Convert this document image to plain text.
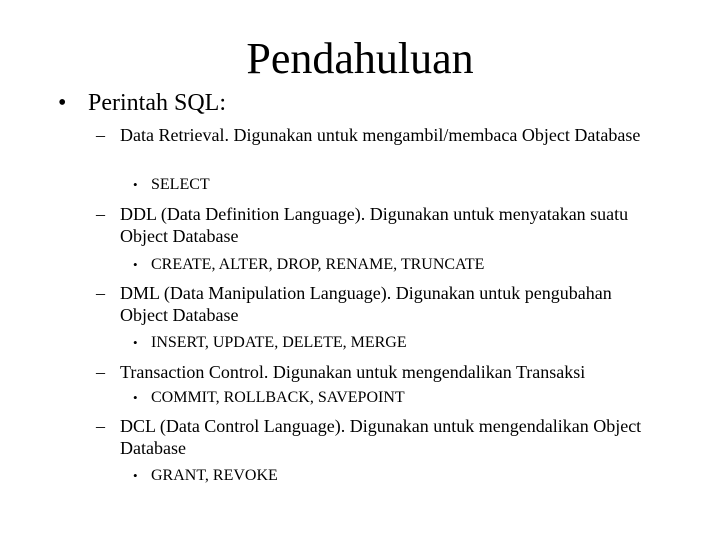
Pendahuluan
• Perintah SQL:
– Data Retrieval. Digunakan untuk mengambil/membaca Object Database
• SELECT
– DDL (Data Definition Language). Digunakan untuk menyatakan suatu Object Database
• CREATE, ALTER, DROP, RENAME, TRUNCATE
– DML (Data Manipulation Language). Digunakan untuk pengubahan Object Database
• INSERT, UPDATE, DELETE, MERGE
– Transaction Control. Digunakan untuk mengendalikan Transaksi
• COMMIT, ROLLBACK, SAVEPOINT
– DCL (Data Control Language). Digunakan untuk mengendalikan Object Database
• GRANT, REVOKE
